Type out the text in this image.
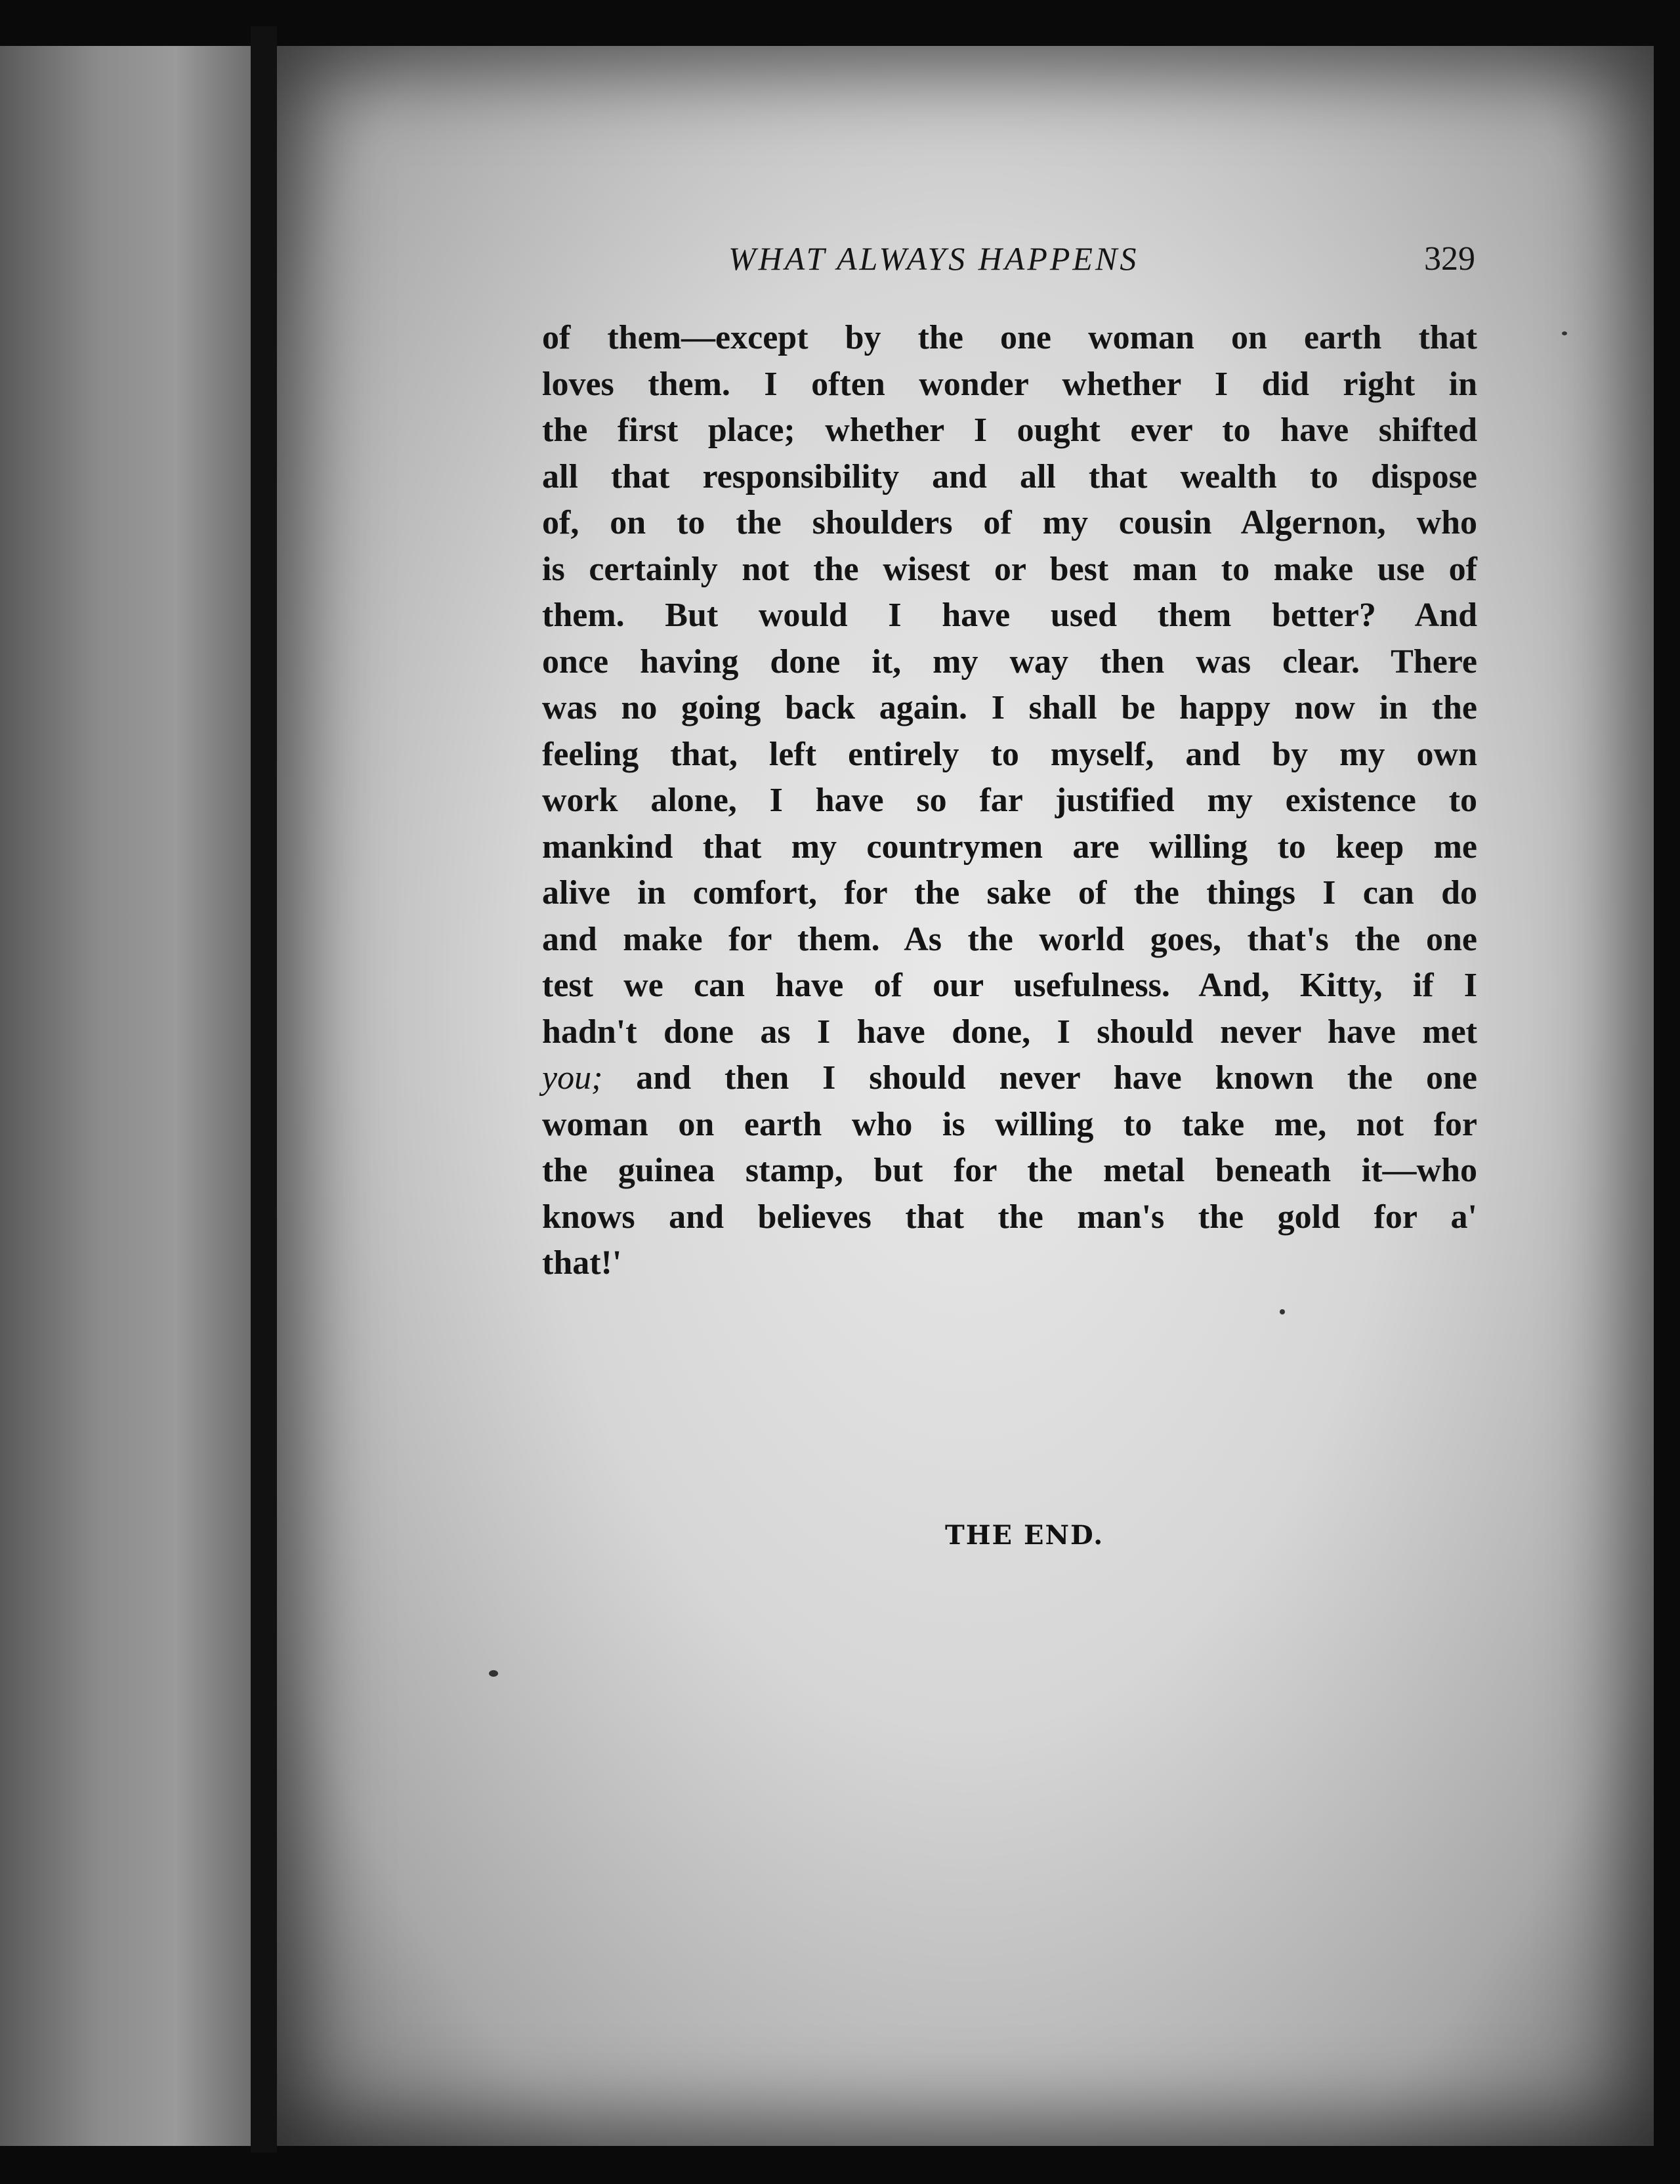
WHAT ALWAYS HAPPENS	329
of them—except by the one woman on earth that
loves them. I often wonder whether I did right in
the first place; whether I ought ever to have shifted
all that responsibility and all that wealth to dispose
of, on to the shoulders of my cousin Algernon, who
is certainly not the wisest or best man to make use of
them. But would I have used them better? And
once having done it, my way then was clear. There
was no going back again. I shall be happy now in the
feeling that, left entirely to myself, and by my own
work alone, I have so far justified my existence to
mankind that my countrymen are willing to keep me
alive in comfort, for the sake of the things I can do
and make for them. As the world goes, that's the one
test we can have of our usefulness. And, Kitty, if I
hadn't done as I have done, I should never have met
you; and then I should never have known the one
woman on earth who is willing to take me, not for
the guinea stamp, but for the metal beneath it—who
knows and believes that the man's the gold for a'
that!'
THE END.
